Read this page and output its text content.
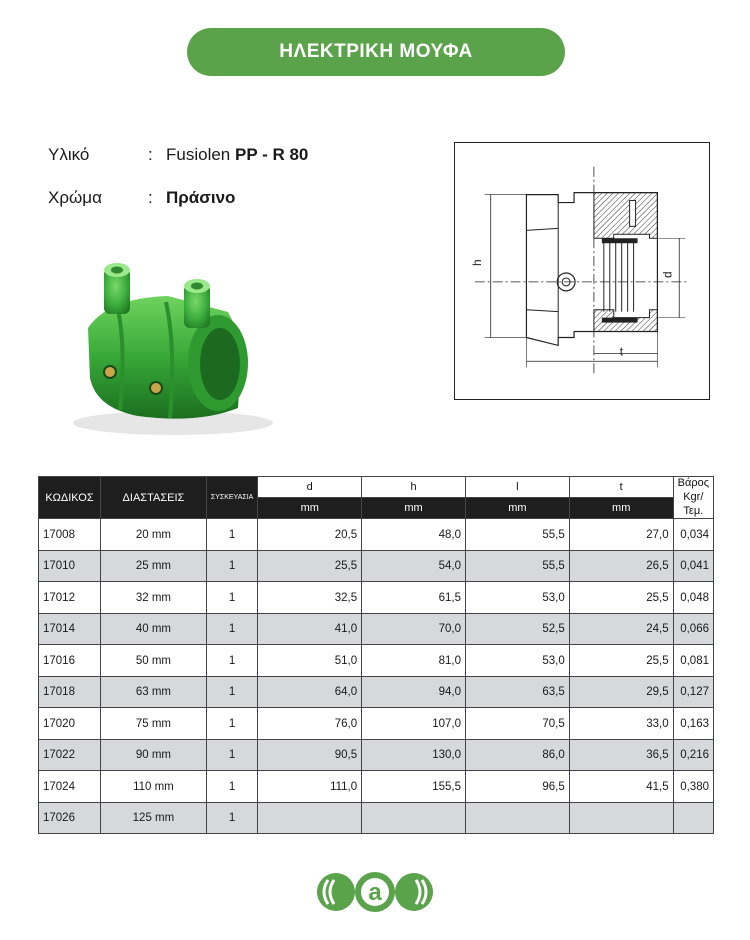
ΗΛΕΚΤΡΙΚΗ ΜΟΥΦΑ
Υλικό	: Fusiolen PP - R 80
Χρώμα	: Πράσινο
h
d
t
ΚΩΔΙΚΟΣ	ΔΙΑΣΤΑΣΕΙΣ	ΣΥΣΚΕΥΑΣΙΑ	d	h	l	t	Βάρος
Kgr/Τεμ.
			mm	mm	mm	mm	
17008	20 mm	1	20,5	48,0	55,5	27,0	0,034
17010	25 mm	1	25,5	54,0	55,5	26,5	0,041
17012	32 mm	1	32,5	61,5	53,0	25,5	0,048
17014	40 mm	1	41,0	70,0	52,5	24,5	0,066
17016	50 mm	1	51,0	81,0	53,0	25,5	0,081
17018	63 mm	1	64,0	94,0	63,5	29,5	0,127
17020	75 mm	1	76,0	107,0	70,5	33,0	0,163
17022	90 mm	1	90,5	130,0	86,0	36,5	0,216
17024	110 mm	1	111,0	155,5	96,5	41,5	0,380
17026	125 mm	1					
a
